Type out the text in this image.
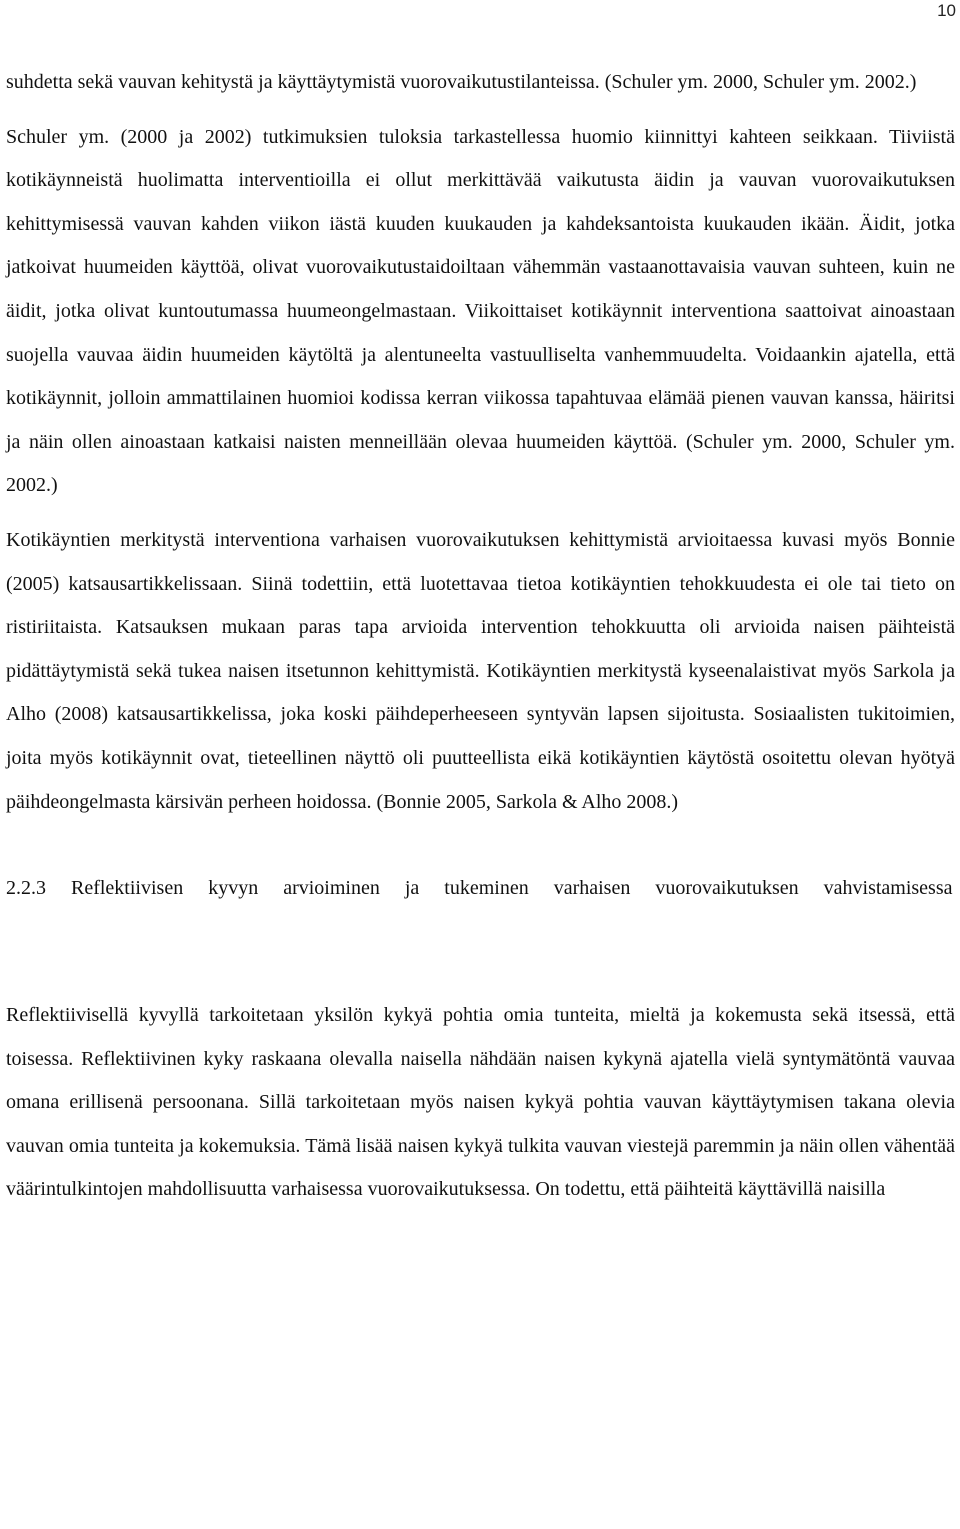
10

suhdetta sekä vauvan kehitystä ja käyttäytymistä vuorovaikutustilanteissa. (Schuler ym. 2000, Schuler ym. 2002.)

Schuler ym. (2000 ja 2002) tutkimuksien tuloksia tarkastellessa huomio kiinnittyi kahteen seikkaan. Tiiviistä kotikäynneistä huolimatta interventioilla ei ollut merkittävää vaikutusta äidin ja vauvan vuorovaikutuksen kehittymisessä vauvan kahden viikon iästä kuuden kuukauden ja kahdeksantoista kuukauden ikään. Äidit, jotka jatkoivat huumeiden käyttöä, olivat vuorovaikutustaidoiltaan vähemmän vastaanottavaisia vauvan suhteen, kuin ne äidit, jotka olivat kuntoutumassa huumeongelmastaan. Viikoittaiset kotikäynnit interventiona saattoivat ainoastaan suojella vauvaa äidin huumeiden käytöltä ja alentuneelta vastuulliselta vanhemmuudelta. Voidaankin ajatella, että kotikäynnit, jolloin ammattilainen huomioi kodissa kerran viikossa tapahtuvaa elämää pienen vauvan kanssa, häiritsi ja näin ollen ainoastaan katkaisi naisten menneillään olevaa huumeiden käyttöä. (Schuler ym. 2000, Schuler ym. 2002.)

Kotikäyntien merkitystä interventiona varhaisen vuorovaikutuksen kehittymistä arvioitaessa kuvasi myös Bonnie (2005) katsausartikkelissaan. Siinä todettiin, että luotettavaa tietoa kotikäyntien tehokkuudesta ei ole tai tieto on ristiriitaista. Katsauksen mukaan paras tapa arvioida intervention tehokkuutta oli arvioida naisen päihteistä pidättäytymistä sekä tukea naisen itsetunnon kehittymistä. Kotikäyntien merkitystä kyseenalaistivat myös Sarkola ja Alho (2008) katsausartikkelissa, joka koski päihdeperheeseen syntyvän lapsen sijoitusta. Sosiaalisten tukitoimien, joita myös kotikäynnit ovat, tieteellinen näyttö oli puutteellista eikä kotikäyntien käytöstä osoitettu olevan hyötyä päihdeongelmasta kärsivän perheen hoidossa. (Bonnie 2005, Sarkola & Alho 2008.)

2.2.3 Reflektiivisen kyvyn arvioiminen ja tukeminen varhaisen vuorovaikutuksen vahvistamisessa

Reflektiivisellä kyvyllä tarkoitetaan yksilön kykyä pohtia omia tunteita, mieltä ja kokemusta sekä itsessä, että toisessa. Reflektiivinen kyky raskaana olevalla naisella nähdään naisen kykynä ajatella vielä syntymätöntä vauvaa omana erillisenä persoonana. Sillä tarkoitetaan myös naisen kykyä pohtia vauvan käyttäytymisen takana olevia vauvan omia tunteita ja kokemuksia. Tämä lisää naisen kykyä tulkita vauvan viestejä paremmin ja näin ollen vähentää väärintulkintojen mahdollisuutta varhaisessa vuorovaikutuksessa. On todettu, että päihteitä käyttävillä naisilla
